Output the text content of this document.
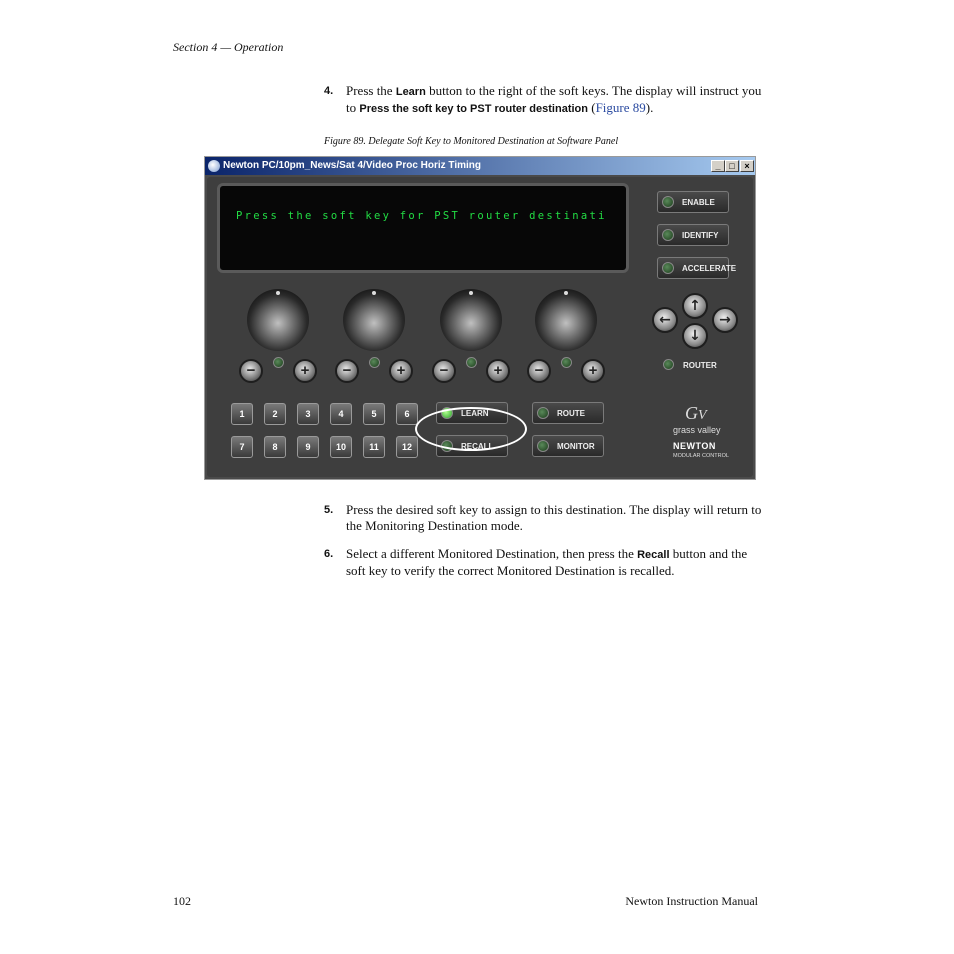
Section 4 — Operation
4. Press the Learn button to the right of the soft keys. The display will instruct you to Press the soft key to PST router destination (Figure 89).
Figure 89. Delegate Soft Key to Monitored Destination at Software Panel
Newton PC/10pm_News/Sat 4/Video Proc Horiz Timing	_ □	×
Press the soft key for PST router destinati
ENABLE
IDENTIFY
ACCELERATE
↑
←	→
↓
ROUTER
−	+	−	+	−	+	−	+
1	2	3	4	5	6
7	8	9	10	11	12
LEARN	ROUTE
RECALL	MONITOR
GV
grass valley
NEWTON
MODULAR CONTROL
5. Press the desired soft key to assign to this destination. The display will return to the Monitoring Destination mode.
6. Select a different Monitored Destination, then press the Recall button and the soft key to verify the correct Monitored Destination is recalled.
102	Newton Instruction Manual
